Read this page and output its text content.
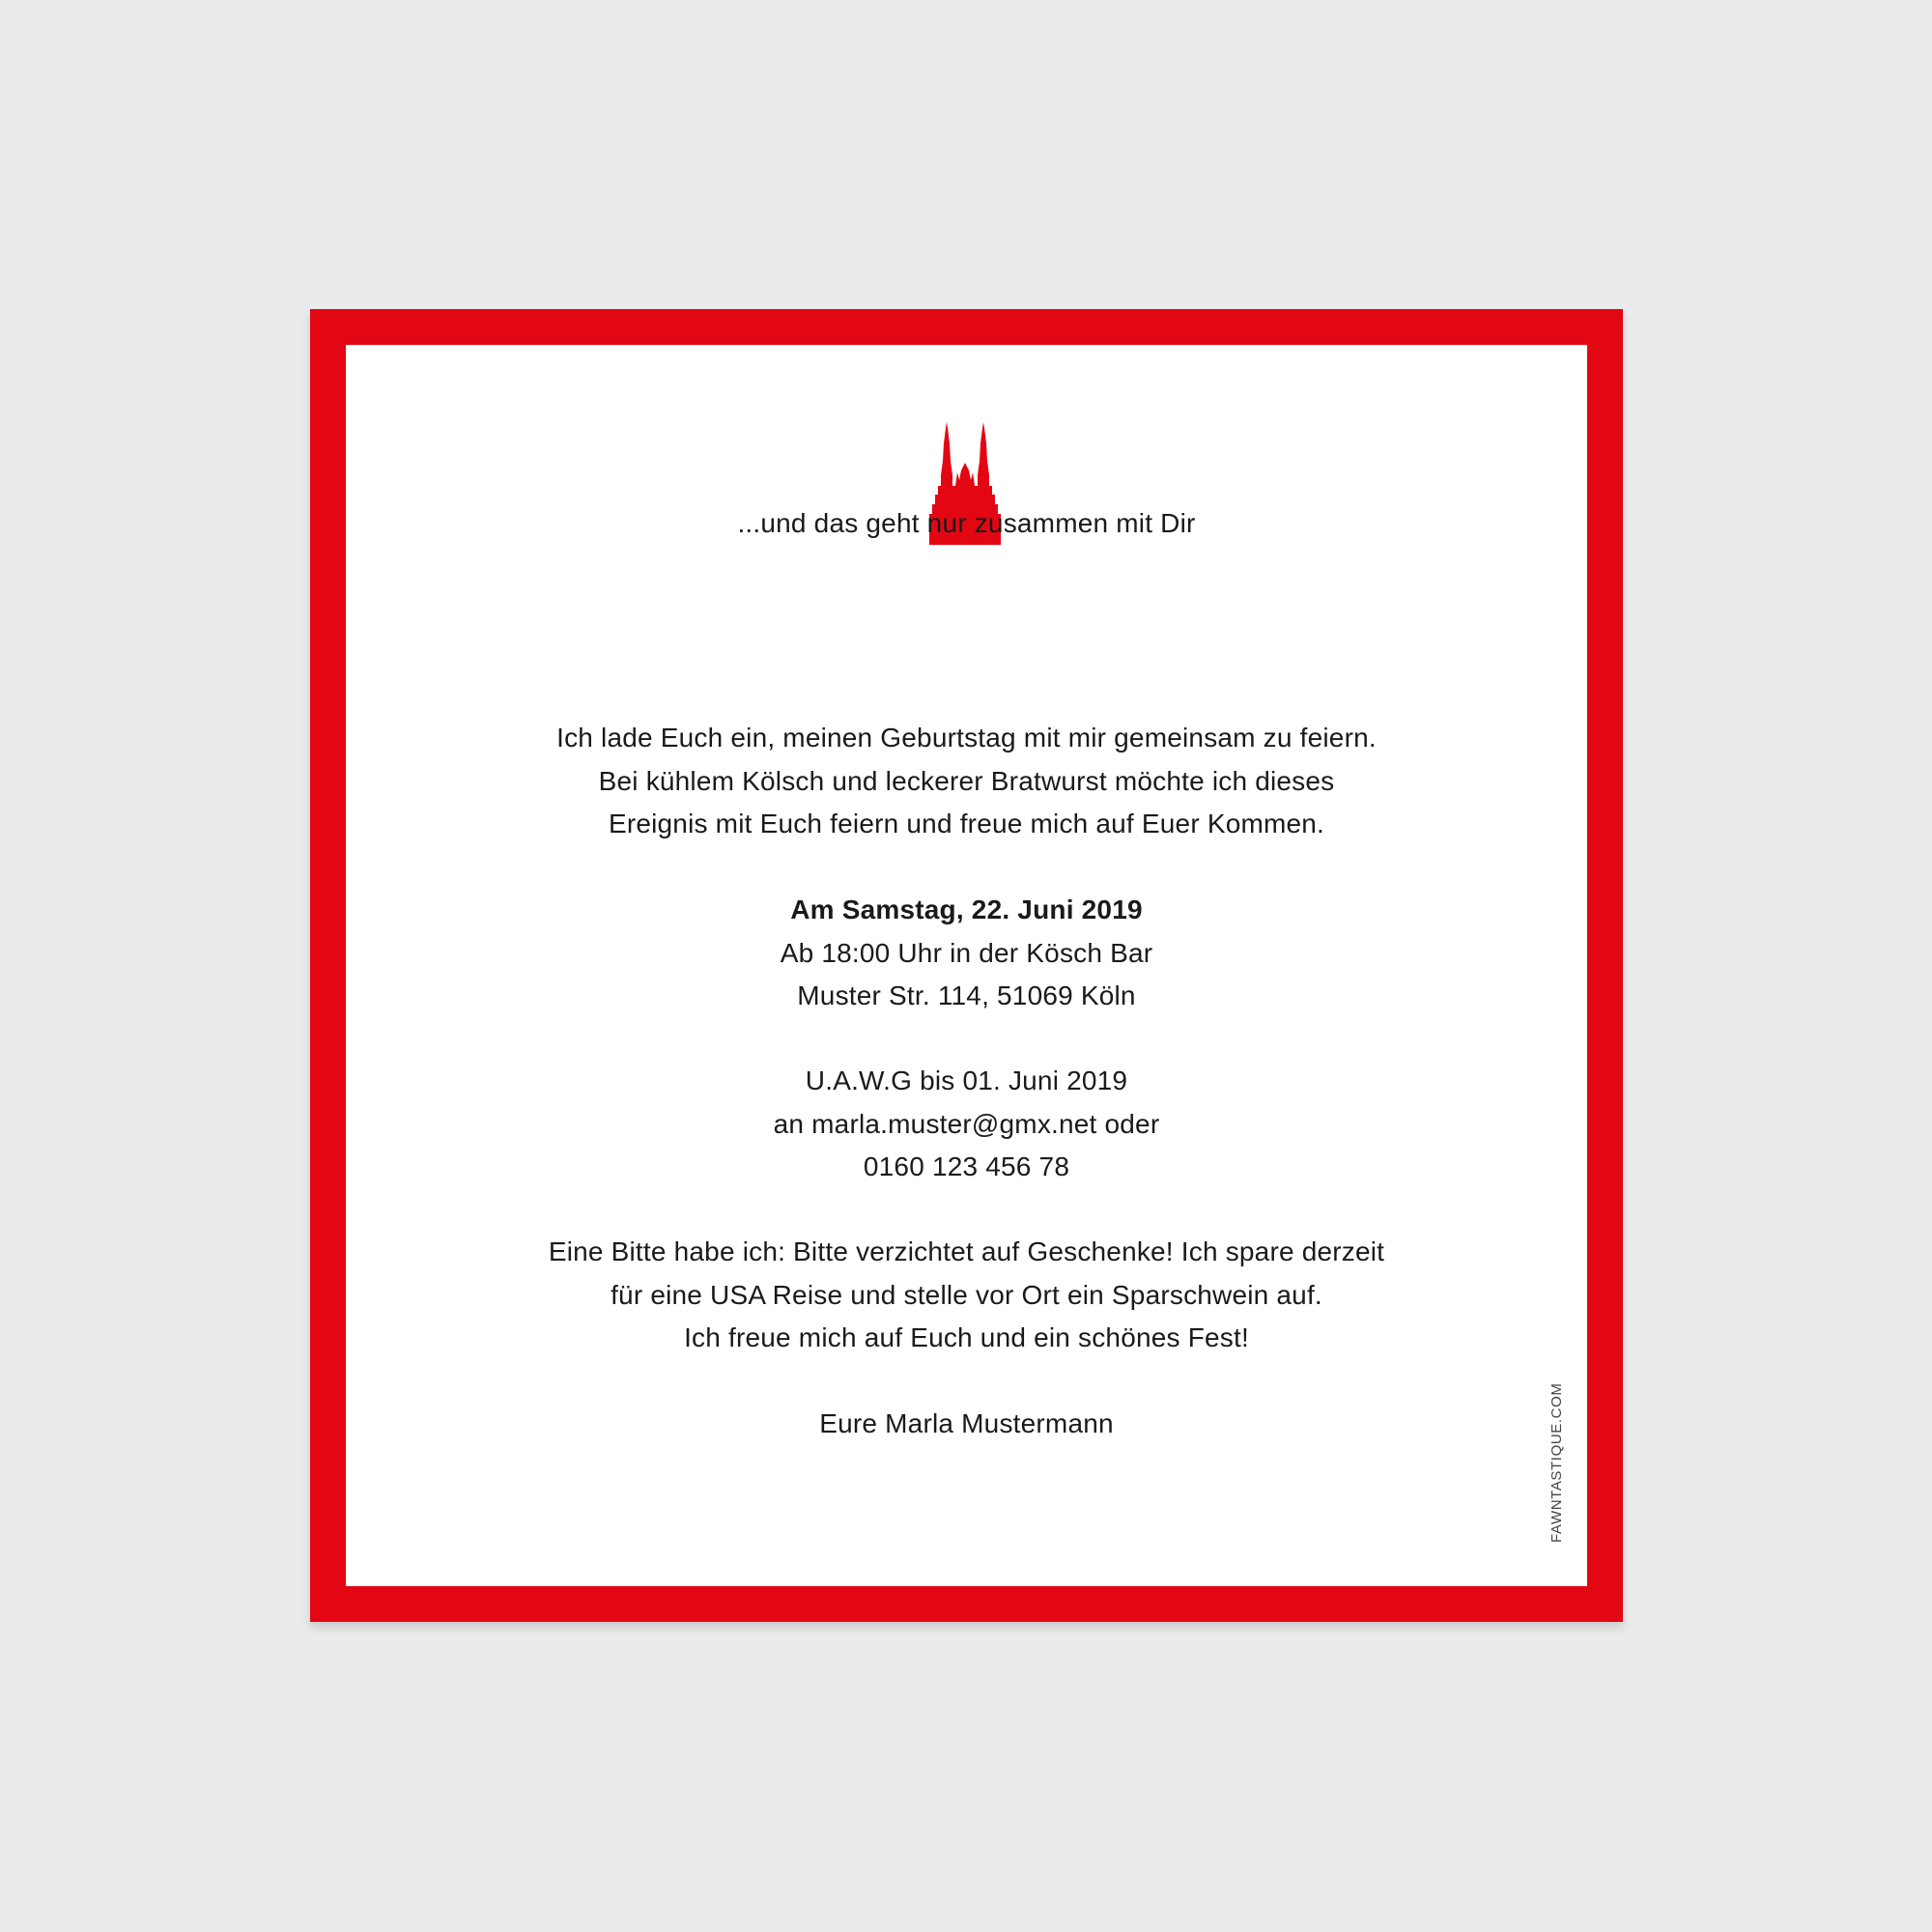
...und das geht nur zusammen mit Dir
Ich lade Euch ein, meinen Geburtstag mit mir gemeinsam zu feiern.
Bei kühlem Kölsch und leckerer Bratwurst möchte ich dieses
Ereignis mit Euch feiern und freue mich auf Euer Kommen.
Am Samstag, 22. Juni 2019
Ab 18:00 Uhr in der Kösch Bar
Muster Str. 114, 51069 Köln
U.A.W.G bis 01. Juni 2019
an marla.muster@gmx.net oder
0160 123 456 78
Eine Bitte habe ich: Bitte verzichtet auf Geschenke! Ich spare derzeit
für eine USA Reise und stelle vor Ort ein Sparschwein auf.
Ich freue mich auf Euch und ein schönes Fest!
Eure Marla Mustermann	FAWNTASTIQUE.COM
